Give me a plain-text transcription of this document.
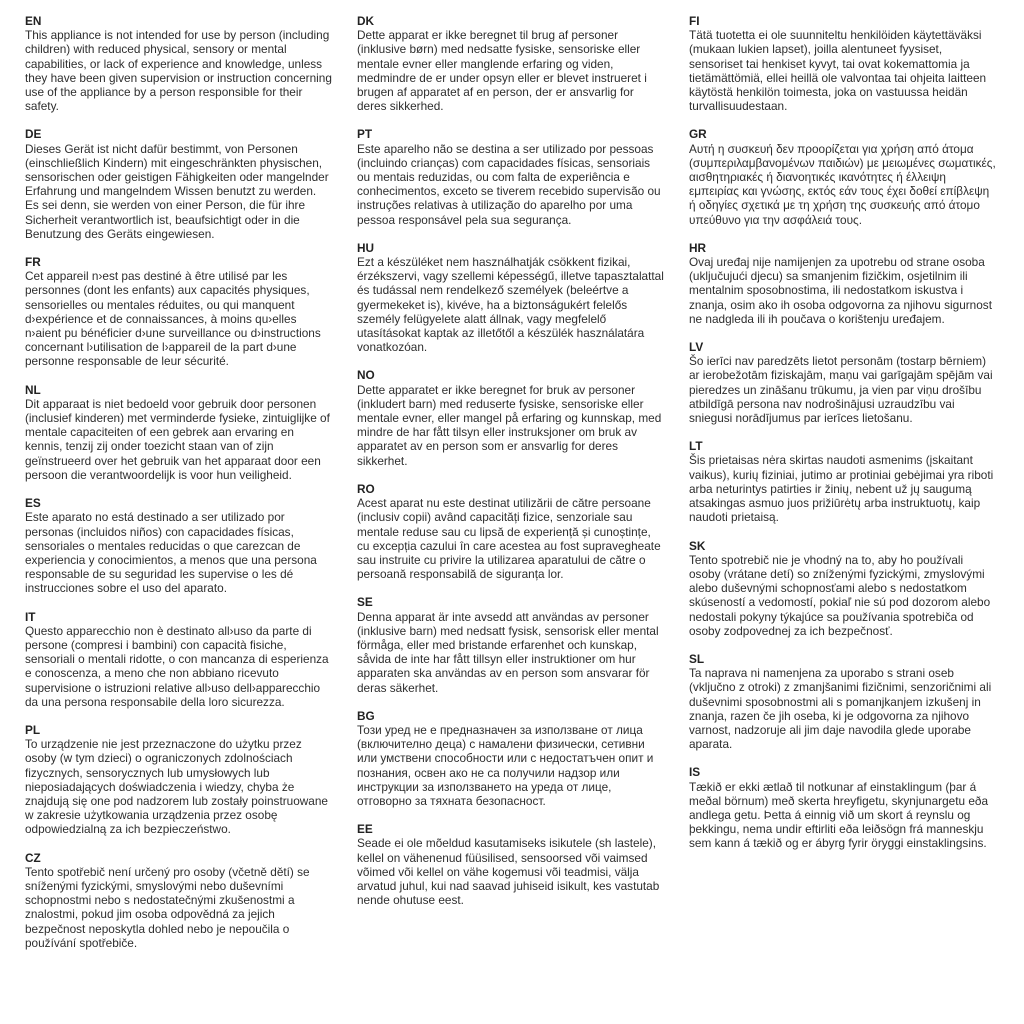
EN

This appliance is not intended for use by person (including children) with reduced physical, sensory or mental capabilities, or lack of experience and knowledge, unless they have been given supervision or instruction concerning use of the appliance by a person responsible for their safety.

DE

Dieses Gerät ist nicht dafür bestimmt, von Personen (einschließlich Kindern) mit eingeschränkten physischen, sensorischen oder geistigen Fähigkeiten oder mangelnder Erfahrung und mangelndem Wissen benutzt zu werden. Es sei denn, sie werden von einer Person, die für ihre Sicherheit verantwortlich ist, beaufsichtigt oder in die Benutzung des Geräts eingewiesen.

FR

Cet appareil n›est pas destiné à être utilisé par les personnes (dont les enfants) aux capacités physiques, sensorielles ou mentales réduites, ou qui manquent d›expérience et de connaissances, à moins qu›elles n›aient pu bénéficier d›une surveillance ou d›instructions concernant l›utilisation de l›appareil de la part d›une personne responsable de leur sécurité.

NL

Dit apparaat is niet bedoeld voor gebruik door personen (inclusief kinderen) met verminderde fysieke, zintuiglijke of mentale capaciteiten of een gebrek aan ervaring en kennis, tenzij zij onder toezicht staan van of zijn geïnstrueerd over het gebruik van het apparaat door een persoon die verantwoordelijk is voor hun veiligheid.

ES

Este aparato no está destinado a ser utilizado por personas (incluidos niños) con capacidades físicas, sensoriales o mentales reducidas o que carezcan de experiencia y conocimientos, a menos que una persona responsable de su seguridad les supervise o les dé instrucciones sobre el uso del aparato.

IT

Questo apparecchio non è destinato all›uso da parte di persone (compresi i bambini) con capacità fisiche, sensoriali o mentali ridotte, o con mancanza di esperienza e conoscenza, a meno che non abbiano ricevuto supervisione o istruzioni relative all›uso dell›apparecchio da una persona responsabile della loro sicurezza.

PL

To urządzenie nie jest przeznaczone do użytku przez osoby (w tym dzieci) o ograniczonych zdolnościach fizycznych, sensorycznych lub umysłowych lub nieposiadających doświadczenia i wiedzy, chyba że znajdują się one pod nadzorem lub zostały poinstruowane w zakresie użytkowania urządzenia przez osobę odpowiedzialną za ich bezpieczeństwo.

CZ

Tento spotřebič není určený pro osoby (včetně dětí) se sníženými fyzickými, smyslovými nebo duševními schopnostmi nebo s nedostatečnými zkušenostmi a znalostmi, pokud jim osoba odpovědná za jejich bezpečnost neposkytla dohled nebo je nepoučila o používání spotřebiče.

DK

Dette apparat er ikke beregnet til brug af personer (inklusive børn) med nedsatte fysiske, sensoriske eller mentale evner eller manglende erfaring og viden, medmindre de er under opsyn eller er blevet instrueret i brugen af apparatet af en person, der er ansvarlig for deres sikkerhed.

PT

Este aparelho não se destina a ser utilizado por pessoas (incluindo crianças) com capacidades físicas, sensoriais ou mentais reduzidas, ou com falta de experiência e conhecimentos, exceto se tiverem recebido supervisão ou instruções relativas à utilização do aparelho por uma pessoa responsável pela sua segurança.

HU

Ezt a készüléket nem használhatják csökkent fizikai, érzékszervi, vagy szellemi képességű, illetve tapasztalattal és tudással nem rendelkező személyek (beleértve a gyermekeket is), kivéve, ha a biztonságukért felelős személy felügyelete alatt állnak, vagy megfelelő utasításokat kaptak az illetőtől a készülék használatára vonatkozóan.

NO

Dette apparatet er ikke beregnet for bruk av personer (inkludert barn) med reduserte fysiske, sensoriske eller mentale evner, eller mangel på erfaring og kunnskap, med mindre de har fått tilsyn eller instruksjoner om bruk av apparatet av en person som er ansvarlig for deres sikkerhet.

RO

Acest aparat nu este destinat utilizării de către persoane (inclusiv copii) având capacități fizice, senzoriale sau mentale reduse sau cu lipsă de experiență și cunoștințe, cu excepția cazului în care acestea au fost supravegheate sau instruite cu privire la utilizarea aparatului de către o persoană responsabilă de siguranța lor.

SE

Denna apparat är inte avsedd att användas av personer (inklusive barn) med nedsatt fysisk, sensorisk eller mental förmåga, eller med bristande erfarenhet och kunskap, såvida de inte har fått tillsyn eller instruktioner om hur apparaten ska användas av en person som ansvarar för deras säkerhet.

BG

Този уред не е предназначен за използване от лица (включително деца) с намалени физически, сетивни или умствени способности или с недостатъчен опит и познания, освен ако не са получили надзор или инструкции за използването на уреда от лице, отговорно за тяхната безопасност.

EE

Seade ei ole mõeldud kasutamiseks isikutele (sh lastele), kellel on vähenenud füüsilised, sensoorsed või vaimsed võimed või kellel on vähe kogemusi või teadmisi, välja arvatud juhul, kui nad saavad juhiseid isikult, kes vastutab nende ohutuse eest.

FI

Tätä tuotetta ei ole suunniteltu henkilöiden käytettäväksi (mukaan lukien lapset), joilla alentuneet fyysiset, sensoriset tai henkiset kyvyt, tai ovat kokemattomia ja tietämättömiä, ellei heillä ole valvontaa tai ohjeita laitteen käytöstä henkilön toimesta, joka on vastuussa heidän turvallisuudestaan.

GR

Αυτή η συσκευή δεν προορίζεται για χρήση από άτομα (συμπεριλαμβανομένων παιδιών) με μειωμένες σωματικές, αισθητηριακές ή διανοητικές ικανότητες ή έλλειψη εμπειρίας και γνώσης, εκτός εάν τους έχει δοθεί επίβλεψη ή οδηγίες σχετικά με τη χρήση της συσκευής από άτομο υπεύθυνο για την ασφάλειά τους.

HR

Ovaj uređaj nije namijenjen za upotrebu od strane osoba (uključujući djecu) sa smanjenim fizičkim, osjetilnim ili mentalnim sposobnostima, ili nedostatkom iskustva i znanja, osim ako ih osoba odgovorna za njihovu sigurnost ne nadgleda ili ih poučava o korištenju uređajem.

LV

Šo ierīci nav paredzēts lietot personām (tostarp bērniem) ar ierobežotām fiziskajām, maņu vai garīgajām spējām vai pieredzes un zināšanu trūkumu, ja vien par viņu drošību atbildīgā persona nav nodrošinājusi uzraudzību vai sniegusi norādījumus par ierīces lietošanu.

LT

Šis prietaisas nėra skirtas naudoti asmenims (įskaitant vaikus), kurių fiziniai, jutimo ar protiniai gebėjimai yra riboti arba neturintys patirties ir žinių, nebent už jų saugumą atsakingas asmuo juos prižiūrėtų arba instruktuotų, kaip naudoti prietaisą.

SK

Tento spotrebič nie je vhodný na to, aby ho používali osoby (vrátane detí) so zníženými fyzickými, zmyslovými alebo duševnými schopnosťami alebo s nedostatkom skúseností a vedomostí, pokiaľ nie sú pod dozorom alebo nedostali pokyny týkajúce sa používania spotrebiča od osoby zodpovednej za ich bezpečnosť.

SL

Ta naprava ni namenjena za uporabo s strani oseb (vključno z otroki) z zmanjšanimi fizičnimi, senzoričnimi ali duševnimi sposobnostmi ali s pomanjkanjem izkušenj in znanja, razen če jih oseba, ki je odgovorna za njihovo varnost, nadzoruje ali jim daje navodila glede uporabe aparata.

IS

Tækið er ekki ætlað til notkunar af einstaklingum (þar á meðal börnum) með skerta hreyfigetu, skynjunargetu eða andlega getu. Þetta á einnig við um skort á reynslu og þekkingu, nema undir eftirliti eða leiðsögn frá manneskju sem kann á tækið og er ábyrg fyrir öryggi einstaklingsins.
